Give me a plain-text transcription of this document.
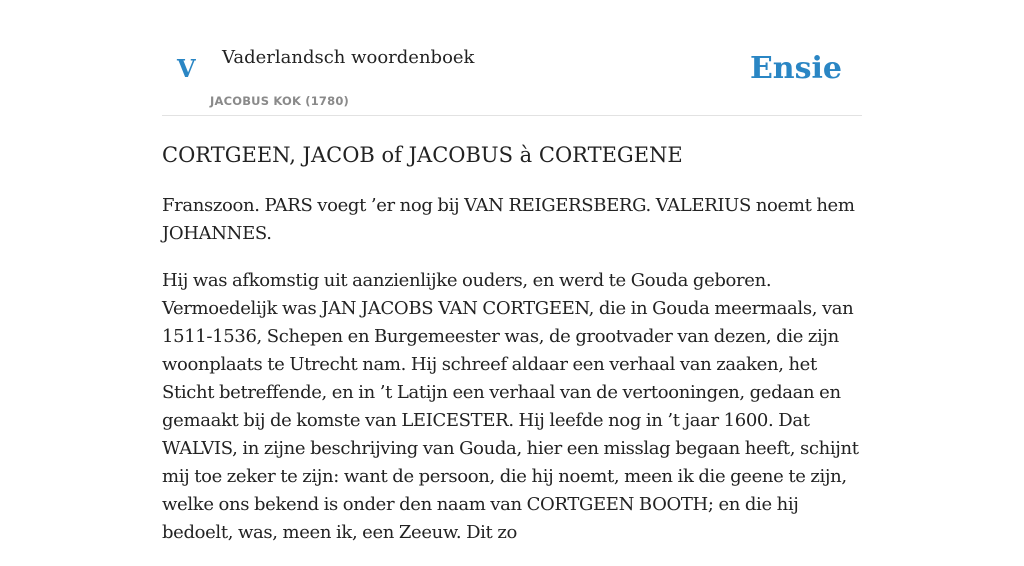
V Vaderlandsch woordenboek
JACOBUS KOK (1780)
Ensie
CORTGEEN, JACOB of JACOBUS à CORTEGENE

Franszoon. PARS voegt ’er nog bij VAN REIGERSBERG. VALERIUS noemt hem JOHANNES.

Hij was afkomstig uit aanzienlijke ouders, en werd te Gouda geboren. Vermoedelijk was JAN JACOBS VAN CORTGEEN, die in Gouda meermaals, van 1511-1536, Schepen en Burgemeester was, de grootvader van dezen, die zijn woonplaats te Utrecht nam. Hij schreef aldaar een verhaal van zaaken, het Sticht betreffende, en in ’t Latijn een verhaal van de vertooningen, gedaan en gemaakt bij de komste van LEICESTER. Hij leefde nog in ’t jaar 1600. Dat WALVIS, in zijne beschrijving van Gouda, hier een misslag begaan heeft, schijnt mij toe zeker te zijn: want de persoon, die hij noemt, meen ik die geene te zijn, welke ons bekend is onder den naam van CORTGEEN BOOTH; en die hij bedoelt, was, meen ik, een Zeeuw. Dit zo
